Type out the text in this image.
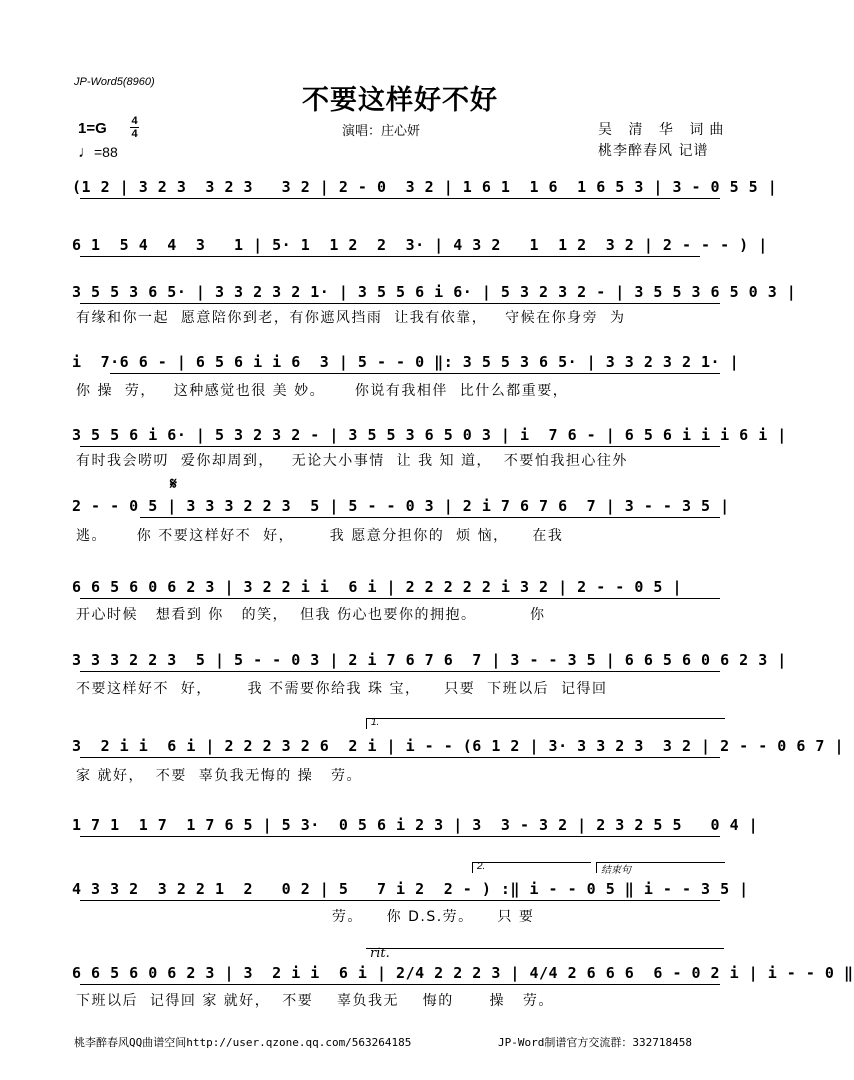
JP-Word5(8960)
不要这样好不好
1=G 4
4
♩=88
演唱：庄心妍	吴 清 华 词曲
桃李醉春风 记谱
𝄋
rit.
1.
2.	结束句
(1 2 | 3 2 3  3 2 3   3 2 | 2 - 0  3 2 | 1 6 1  1 6  1 6 5 3 | 3 - 0 5 5 |
6 1  5 4  4  3   1 | 5· 1  1 2  2  3· | 4 3 2   1  1 2  3 2 | 2 - - - ) |
3 5 5 3 6 5· | 3 3 2 3 2 1· | 3 5 5 6 i 6· | 5 3 2 3 2 - | 3 5 5 3 6 5 0 3 |
有缘和你一起  愿意陪你到老，有你遮风挡雨  让我有依靠，   守候在你身旁  为
i  7·6 6 - | 6 5 6 i i 6  3 | 5 - - 0 ‖: 3 5 5 3 6 5· | 3 3 2 3 2 1· |
你 操  劳，   这种感觉也很 美 妙。     你说有我相伴  比什么都重要，
3 5 5 6 i 6· | 5 3 2 3 2 - | 3 5 5 3 6 5 0 3 | i  7 6 - | 6 5 6 i i i 6 i |
有时我会唠叨  爱你却周到，   无论大小事情  让 我 知 道，  不要怕我担心往外
2 - - 0 5 | 3 3 3 2 2 3  5 | 5 - - 0 3 | 2 i 7 6 7 6  7 | 3 - - 3 5 |
逃。     你 不要这样好不  好，      我 愿意分担你的  烦 恼，    在我
6 6 5 6 0 6 2 3 | 3 2 2 i i  6 i | 2 2 2 2 2 i 3 2 | 2 - - 0 5 |
开心时候   想看到 你   的笑，  但我 伤心也要你的拥抱。         你
3 3 3 2 2 3  5 | 5 - - 0 3 | 2 i 7 6 7 6  7 | 3 - - 3 5 | 6 6 5 6 0 6 2 3 |
不要这样好不  好，      我 不需要你给我 珠 宝，    只要  下班以后  记得回
3  2 i i  6 i | 2 2 2 3 2 6  2 i | i - - (6 1 2 | 3· 3 3 2 3  3 2 | 2 - - 0 6 7 |
家 就好，  不要  辜负我无悔的 操   劳。
1 7 1  1 7  1 7 6 5 | 5 3·  0 5 6 i 2 3 | 3  3 - 3 2 | 2 3 2 5 5   0 4 |
4 3 3 2  3 2 2 1  2   0 2 | 5   7 i 2  2 - ) :‖ i - - 0 5 ‖ i - - 3 5 |
劳。    你 D.S.劳。    只 要
6 6 5 6 0 6 2 3 | 3  2 i i  6 i | 2/4 2 2 2 3 | 4/4 2 6 6 6  6 - 0 2 i | i - - 0 ‖
下班以后  记得回 家 就好，  不要    辜负我无    悔的      操   劳。
桃李醉春风QQ曲谱空间http://user.qzone.qq.com/563264185	JP-Word制谱官方交流群：332718458
